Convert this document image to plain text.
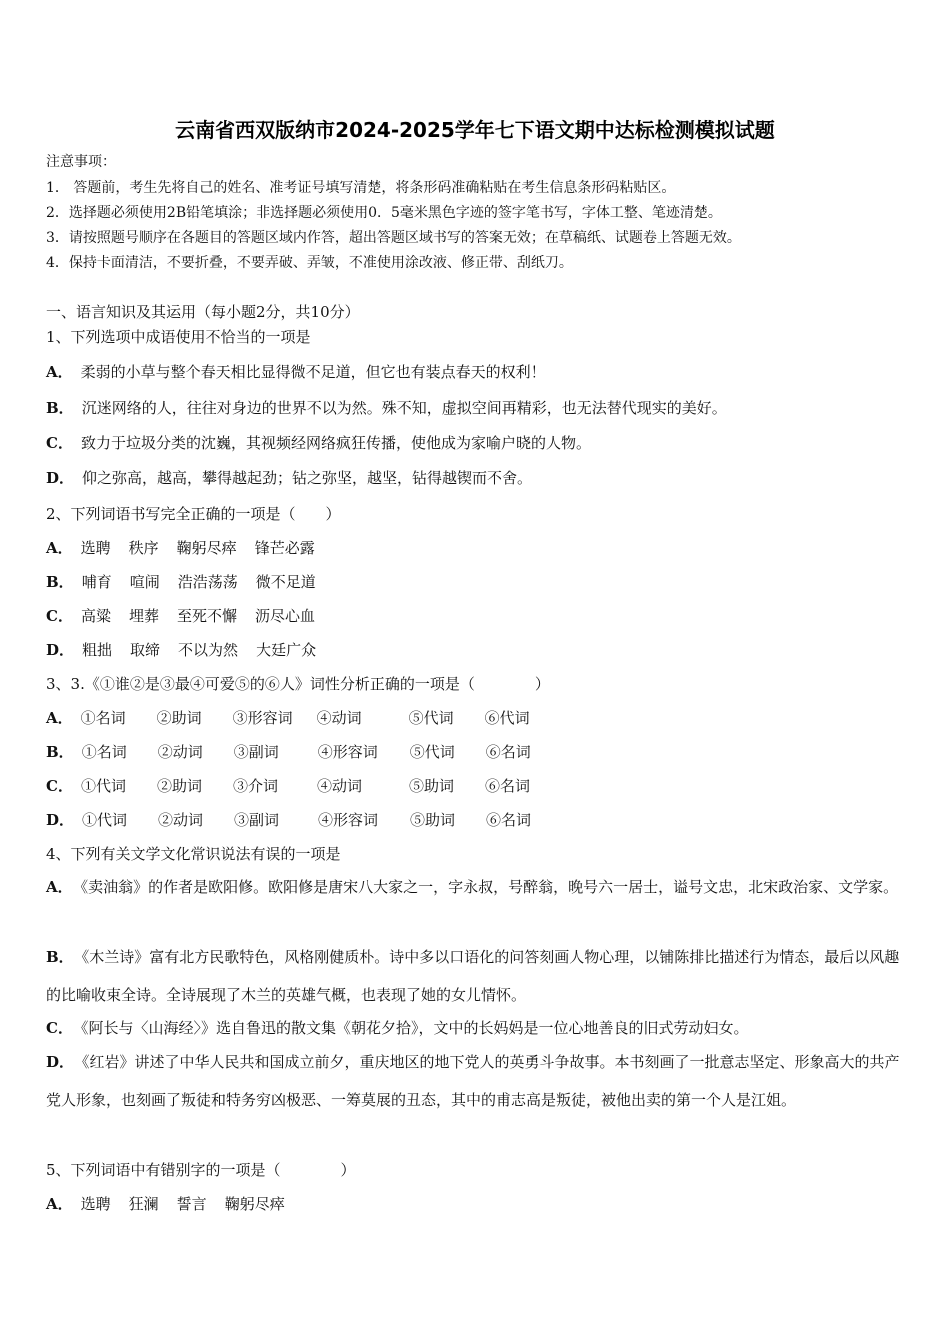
云南省西双版纳市2024-2025学年七下语文期中达标检测模拟试题
注意事项：
1． 答题前，考生先将自己的姓名、准考证号填写清楚，将条形码准确粘贴在考生信息条形码粘贴区。
2．选择题必须使用2B铅笔填涂；非选择题必须使用0．5毫米黑色字迹的签字笔书写，字体工整、笔迹清楚。
3．请按照题号顺序在各题目的答题区域内作答，超出答题区域书写的答案无效；在草稿纸、试题卷上答题无效。
4．保持卡面清洁，不要折叠，不要弄破、弄皱，不准使用涂改液、修正带、刮纸刀。
一、语言知识及其运用（每小题2分，共10分）
1、下列选项中成语使用不恰当的一项是
A． 柔弱的小草与整个春天相比显得微不足道，但它也有装点春天的权利！
B． 沉迷网络的人，往往对身边的世界不以为然。殊不知，虚拟空间再精彩，也无法替代现实的美好。
C． 致力于垃圾分类的沈巍，其视频经网络疯狂传播，使他成为家喻户晓的人物。
D． 仰之弥高，越高，攀得越起劲；钻之弥坚，越坚，钻得越锲而不舍。
2、下列词语书写完全正确的一项是（　　）
A． 选聘 秩序 鞠躬尽瘁 锋芒必露
B． 哺育 喧闹 浩浩荡荡 微不足道
C． 高粱 埋葬 至死不懈 沥尽心血
D． 粗拙 取缔 不以为然 大廷广众
3、3.《①谁②是③最④可爱⑤的⑥人》词性分析正确的一项是（　　　　）
A． ①名词 ②助词 ③形容词 ④动词	⑤代词 ⑥代词
B． ①名词 ②动词 ③副词	④形容词 ⑤代词 ⑥名词
C． ①代词 ②助词 ③介词	④动词	⑤助词 ⑥名词
D． ①代词 ②动词 ③副词	④形容词 ⑤助词 ⑥名词
4、下列有关文学文化常识说法有误的一项是
A． 《卖油翁》的作者是欧阳修。欧阳修是唐宋八大家之一，字永叔，号醉翁，晚号六一居士，谥号文忠，北宋政治家、文学家。
B． 《木兰诗》富有北方民歌特色，风格刚健质朴。诗中多以口语化的问答刻画人物心理，以铺陈排比描述行为情态，最后以风趣的比喻收束全诗。全诗展现了木兰的英雄气概，也表现了她的女儿情怀。
C． 《阿长与〈山海经〉》选自鲁迅的散文集《朝花夕拾》，文中的长妈妈是一位心地善良的旧式劳动妇女。
D． 《红岩》讲述了中华人民共和国成立前夕，重庆地区的地下党人的英勇斗争故事。本书刻画了一批意志坚定、形象高大的共产党人形象，也刻画了叛徒和特务穷凶极恶、一筹莫展的丑态，其中的甫志高是叛徒，被他出卖的第一个人是江姐。
5、下列词语中有错别字的一项是（　　　　）
A． 选聘 狂澜 誓言 鞠躬尽瘁
